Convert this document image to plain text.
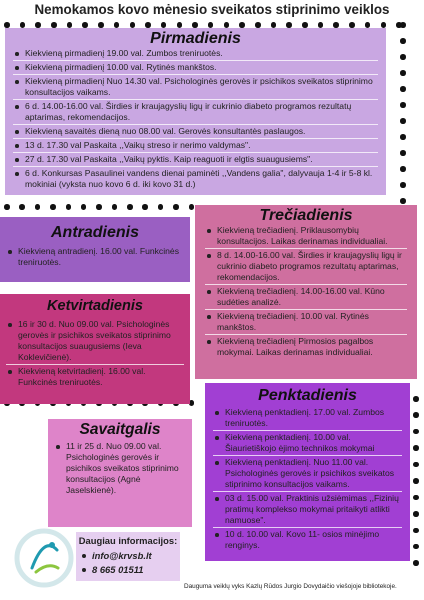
Nemokamos kovo mėnesio sveikatos stiprinimo veiklos
Pirmadienis
Kiekvieną pirmadienį 19.00 val. Zumbos treniruotės.
Kiekvieną pirmadienį 10.00 val. Rytinės mankštos.
Kiekvieną pirmadienį Nuo 14.30 val. Psichologinės gerovės ir psichikos sveikatos stiprinimo konsultacijos vaikams.
6 d. 14.00-16.00 val. Širdies ir kraujagyslių ligų ir cukrinio diabeto programos rezultatų aptarimas, rekomendacijos.
Kiekvieną savaitės dieną nuo 08.00 val. Gerovės konsultantės paslaugos.
13 d. 17.30 val Paskaita ,,Vaikų streso ir nerimo valdymas".
27 d. 17.30 val Paskaita ,,Vaikų pyktis. Kaip reaguoti ir elgtis suaugusiems".
6 d. Konkursas Pasaulinei vandens dienai paminėti ,,Vandens galia", dalyvauja 1-4 ir 5-8 kl. mokiniai (vyksta nuo kovo 6 d. iki kovo 31 d.)
Antradienis
Kiekvieną antradienį. 16.00 val. Funkcinės treniruotės.
Trečiadienis
Kiekvieną trečiadienį. Priklausomybių konsultacijos. Laikas derinamas individualiai.
8 d. 14.00-16.00 val. Širdies ir kraujagyslių ligų ir cukrinio diabeto programos rezultatų aptarimas, rekomendacijos.
Kiekvieną trečiadienį. 14.00-16.00 val. Kūno sudėties analizė.
Kiekvieną trečiadienį. 10.00 val. Rytinės mankštos.
Kiekvieną trečiadienį Pirmosios pagalbos mokymai. Laikas derinamas individualiai.
Ketvirtadienis
16 ir 30 d. Nuo 09.00 val. Psichologinės gerovės ir psichikos sveikatos stiprinimo konsultacijos suaugusiems (Ieva Koklevičienė).
Kiekvieną ketvirtadienį. 16.00 val. Funkcinės treniruotės.
Penktadienis
Kiekvieną penktadienį. 17.00 val. Zumbos treniruotės.
Kiekvieną penktadienį. 10.00 val. Šiaurietiškojo ėjimo technikos mokymai
Kiekvieną penktadienį. Nuo 11.00 val. Psichologinės gerovės ir psichikos sveikatos stiprinimo konsultacijos vaikams.
03 d. 15.00 val. Praktinis užsiėmimas ,,Fizinių pratimų komplekso mokymai pritaikyti atlikti namuose".
10 d. 10.00 val. Kovo 11- osios minėjimo renginys.
Savaitgalis
11 ir 25 d. Nuo 09.00 val. Psichologinės gerovės ir psichikos sveikatos stiprinimo konsultacijos (Agnė Jaselskienė).
Daugiau informacijos:
info@krvsb.lt
8 665 01511
Dauguma veiklų vyks Kazlų Rūdos Jurgio Dovydaičio viešojoje bibliotekoje.
